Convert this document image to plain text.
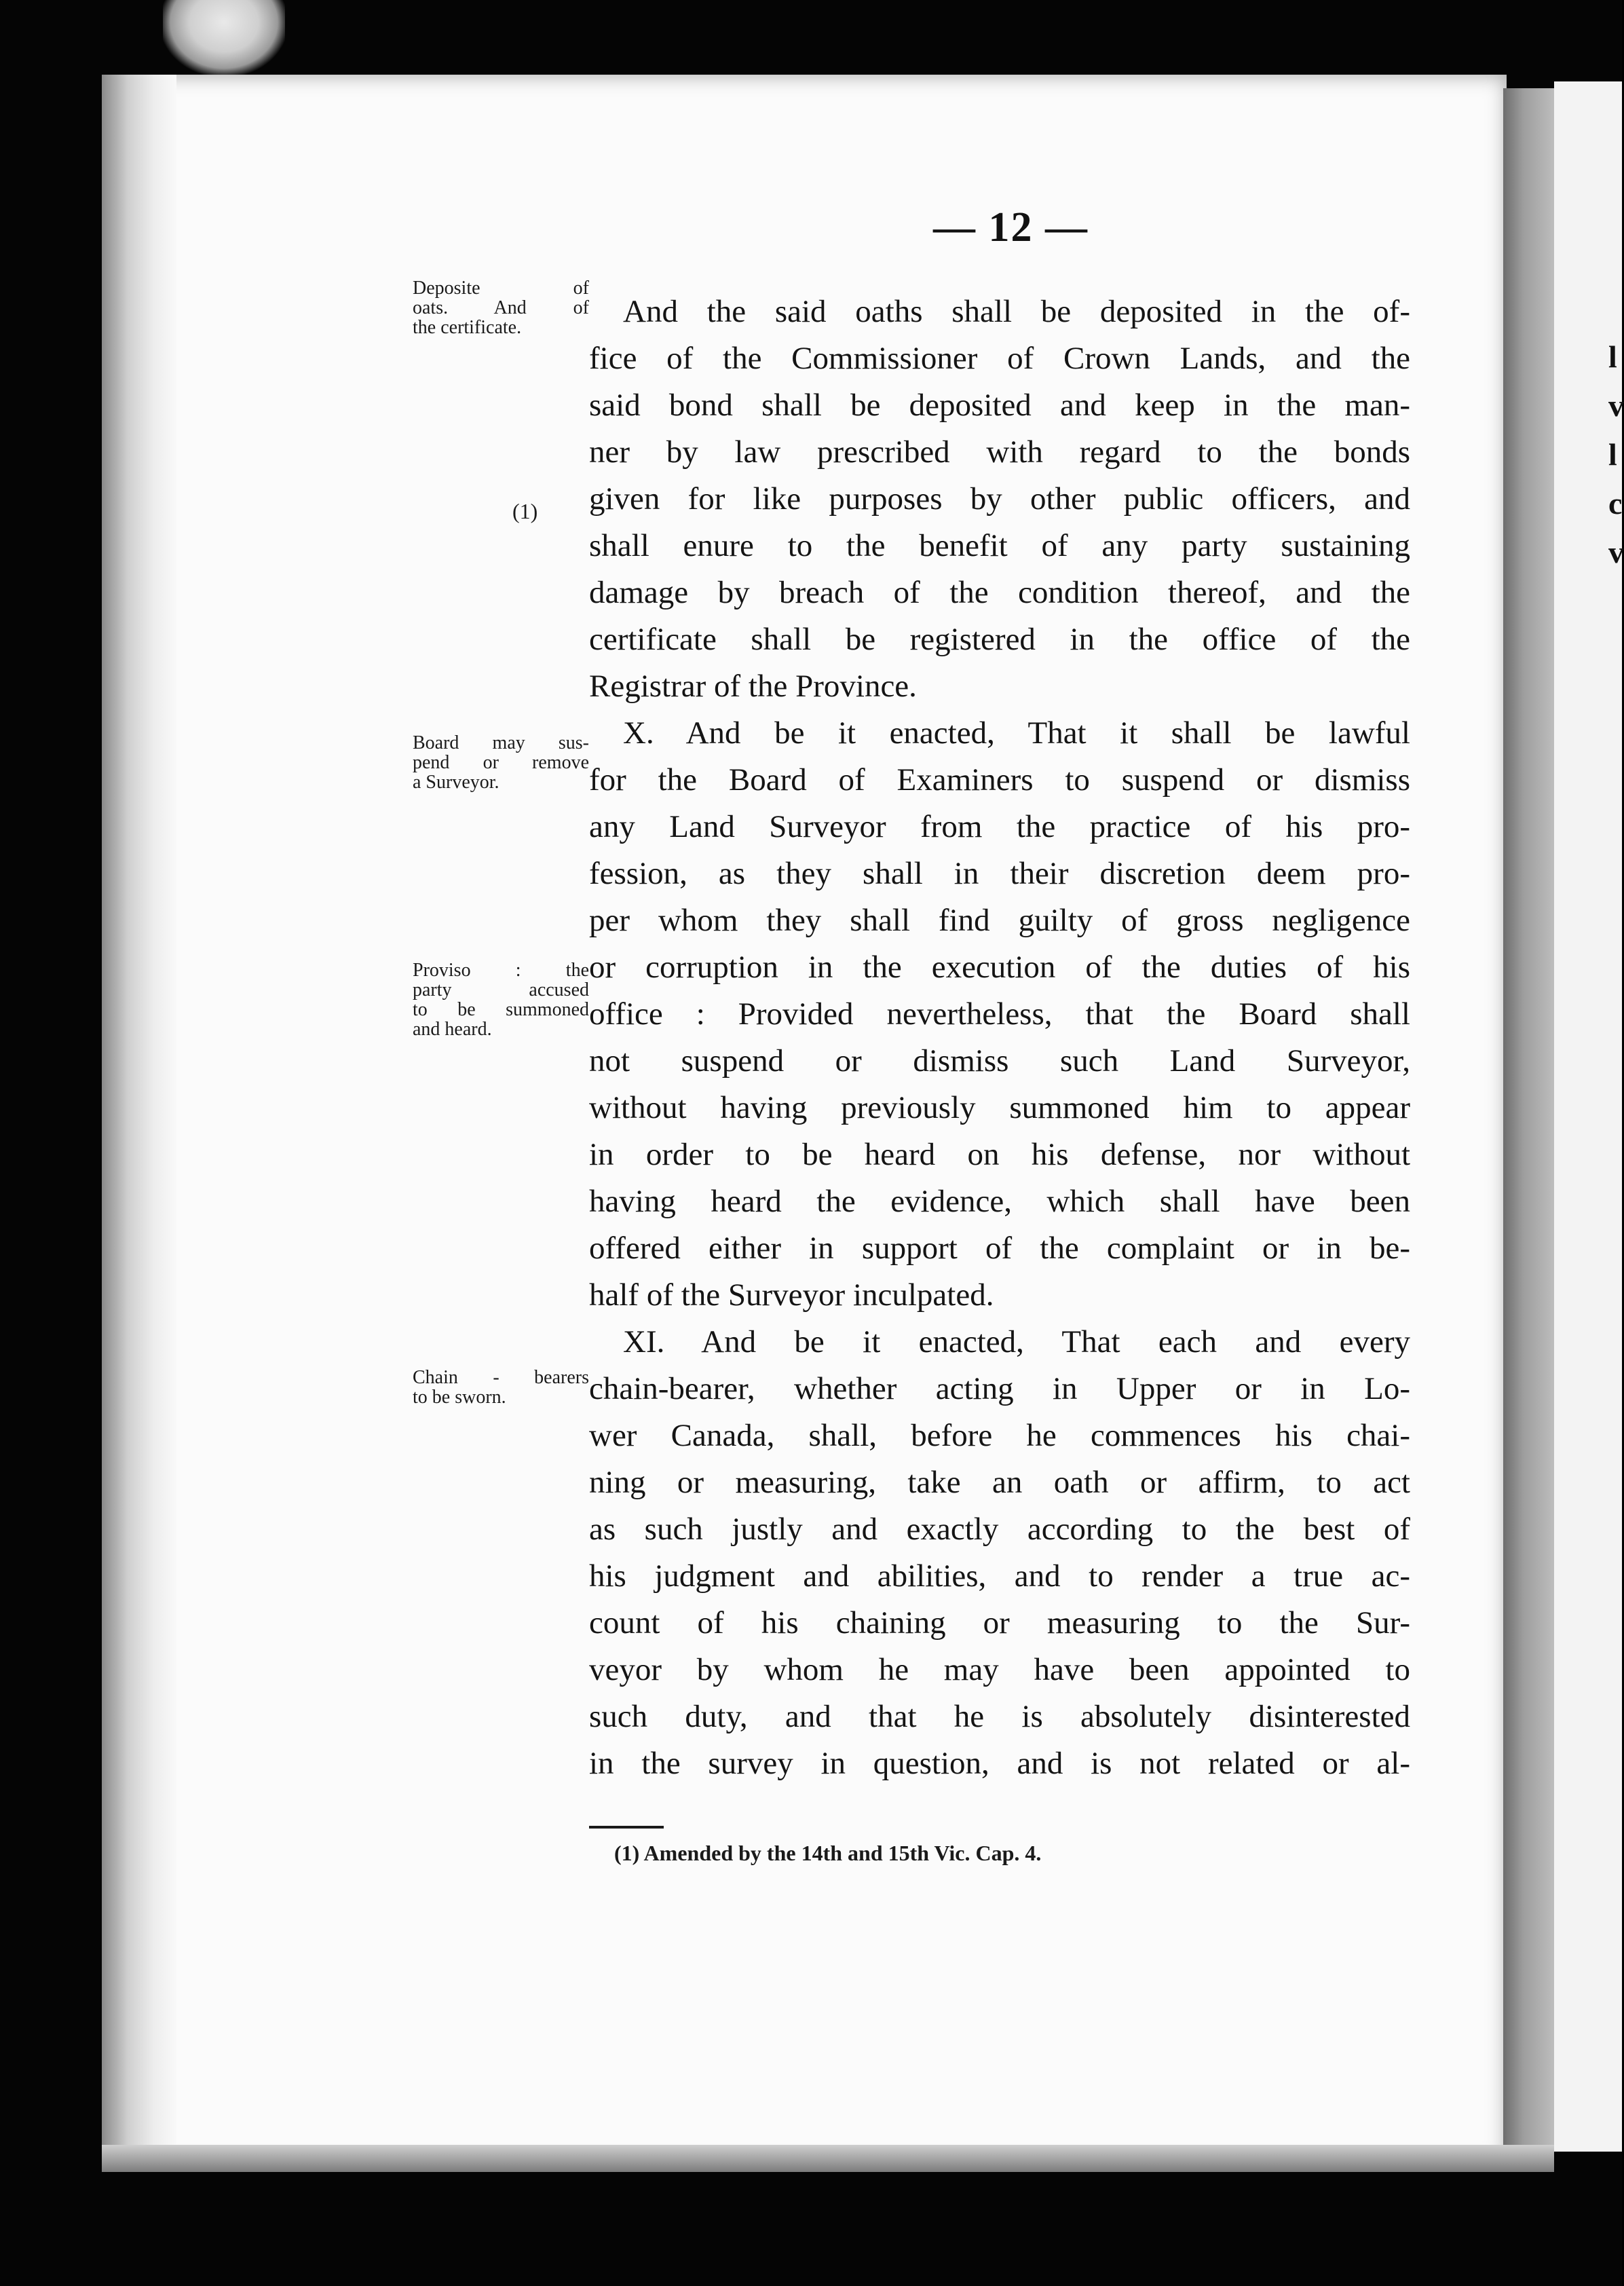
l
v
l
c
v
— 12 —
Deposite of
oats. And of
the certificate.
(1)
Board may sus-
pend or remove
a Surveyor.
Proviso : the
party accused
to be summoned
and heard.
Chain - bearers
to be sworn.
And the said oaths shall be deposited in the of-
fice of the Commissioner of Crown Lands, and the
said bond shall be deposited and keep in the man-
ner by law prescribed with regard to the bonds
given for like purposes by other public officers, and
shall enure to the benefit of any party sustaining
damage by breach of the condition thereof, and the
certificate shall be registered in the office of the
Registrar of the Province.
X. And be it enacted, That it shall be lawful
for the Board of Examiners to suspend or dismiss
any Land Surveyor from the practice of his pro-
fession, as they shall in their discretion deem pro-
per whom they shall find guilty of gross negligence
or corruption in the execution of the duties of his
office : Provided nevertheless, that the Board shall
not suspend or dismiss such Land Surveyor,
without having previously summoned him to appear
in order to be heard on his defense, nor without
having heard the evidence, which shall have been
offered either in support of the complaint or in be-
half of the Surveyor inculpated.
XI. And be it enacted, That each and every
chain-bearer, whether acting in Upper or in Lo-
wer Canada, shall, before he commences his chai-
ning or measuring, take an oath or affirm, to act
as such justly and exactly according to the best of
his judgment and abilities, and to render a true ac-
count of his chaining or measuring to the Sur-
veyor by whom he may have been appointed to
such duty, and that he is absolutely disinterested
in the survey in question, and is not related or al-
(1) Amended by the 14th and 15th Vic. Cap. 4.
